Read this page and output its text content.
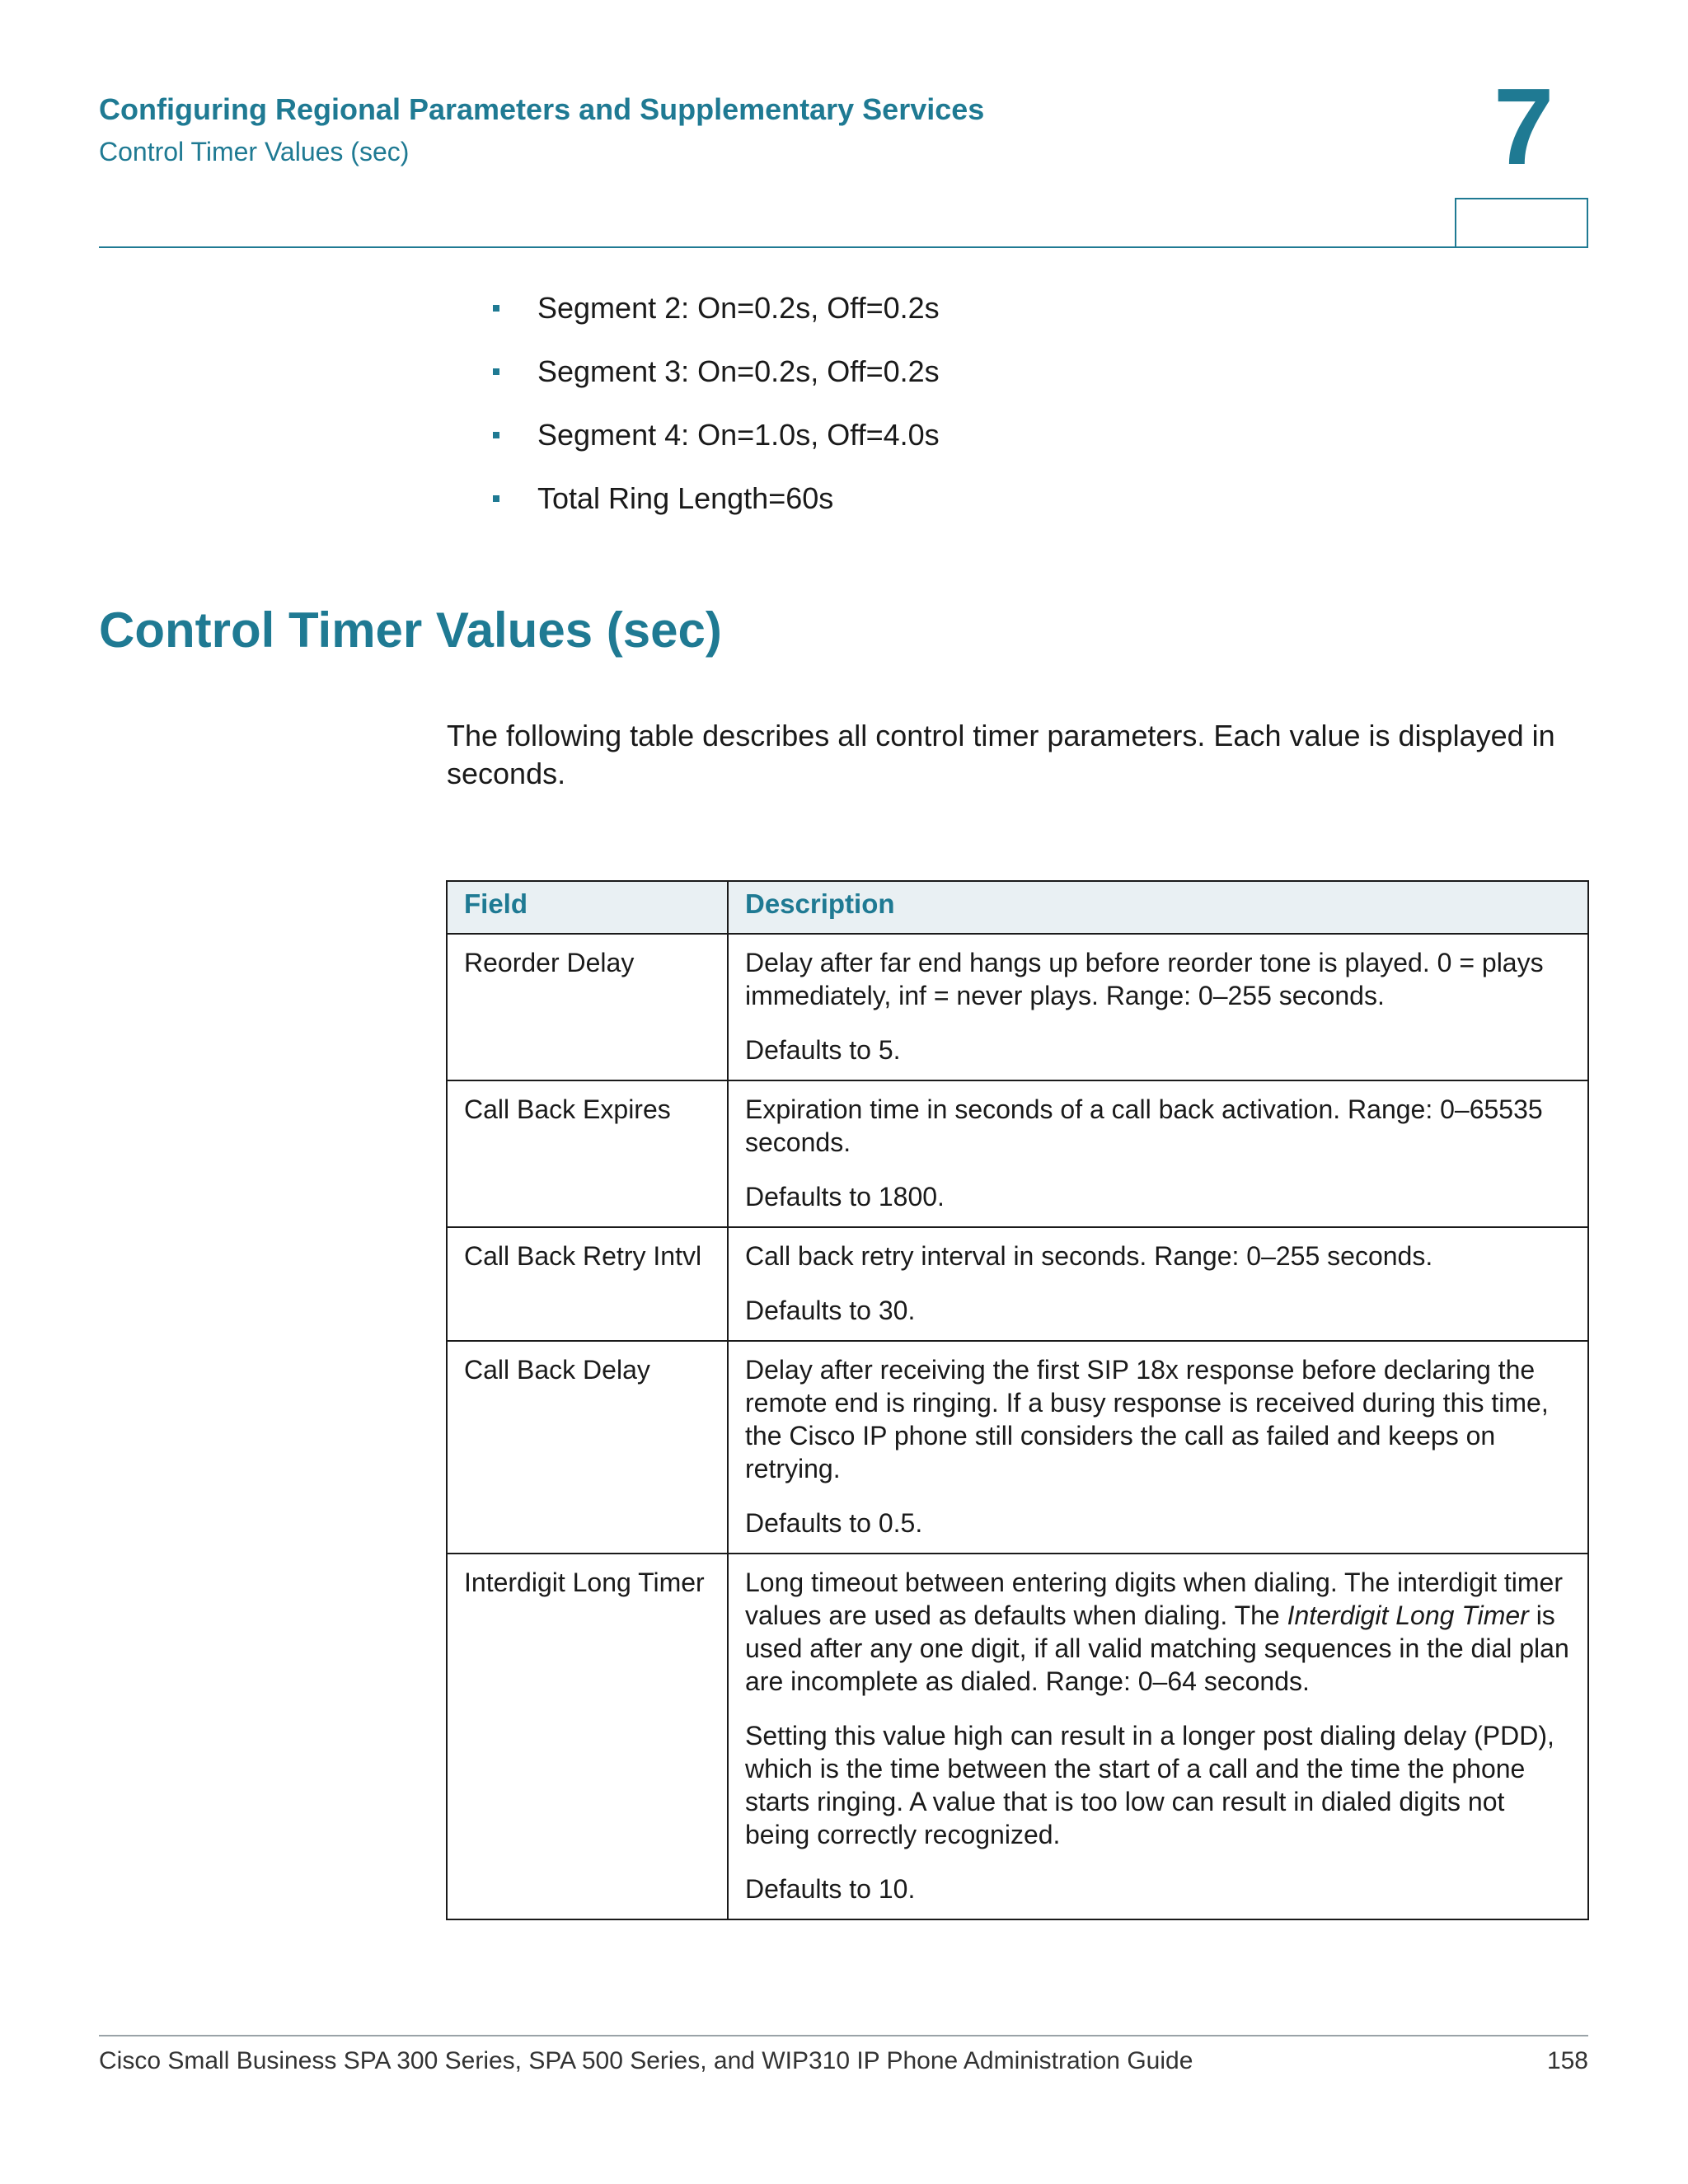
Configuring Regional Parameters and Supplementary Services
Control Timer Values (sec)	7
Segment 2: On=0.2s, Off=0.2s
Segment 3: On=0.2s, Off=0.2s
Segment 4: On=1.0s, Off=4.0s
Total Ring Length=60s
Control Timer Values (sec)

The following table describes all control timer parameters. Each value is displayed in seconds.

Field	Description
Reorder Delay	Delay after far end hangs up before reorder tone is played. 0 = plays immediately, inf = never plays. Range: 0–255 seconds.

Defaults to 5.

Call Back Expires	Expiration time in seconds of a call back activation. Range: 0–65535 seconds.

Defaults to 1800.

Call Back Retry Intvl	Call back retry interval in seconds. Range: 0–255 seconds.

Defaults to 30.

Call Back Delay	Delay after receiving the first SIP 18x response before declaring the remote end is ringing. If a busy response is received during this time, the Cisco IP phone still considers the call as failed and keeps on retrying.

Defaults to 0.5.

Interdigit Long Timer	Long timeout between entering digits when dialing. The interdigit timer values are used as defaults when dialing. The Interdigit Long Timer is used after any one digit, if all valid matching sequences in the dial plan are incomplete as dialed. Range: 0–64 seconds.

Setting this value high can result in a longer post dialing delay (PDD), which is the time between the start of a call and the time the phone starts ringing. A value that is too low can result in dialed digits not being correctly recognized.

Defaults to 10.

Cisco Small Business SPA 300 Series, SPA 500 Series, and WIP310 IP Phone Administration Guide	158
